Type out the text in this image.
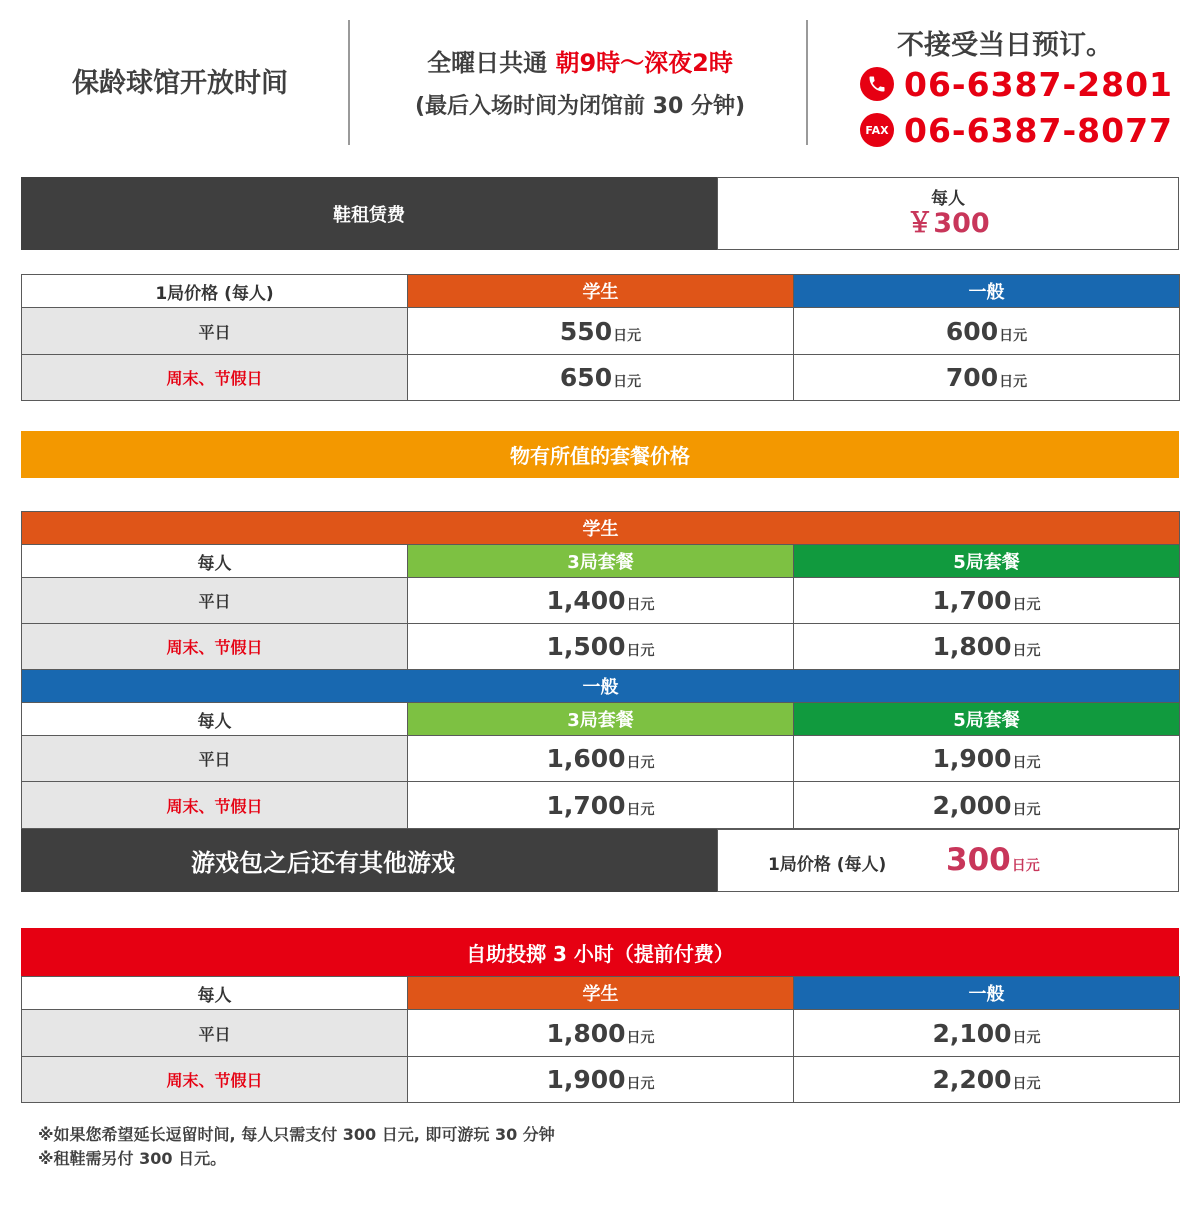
保龄球馆开放时间
全曜日共通
朝9時〜深夜2時
(最后入场时间为闭馆前 30 分钟)
不接受当日预订。
06-6387-2801
FAX 06-6387-8077
鞋租赁费
每人
￥300
1局价格 (每人)	学生	一般
平日	550日元	600日元
周末、节假日	650日元	700日元
物有所值的套餐价格
学生		
每人	3局套餐	5局套餐
平日	1,400日元	1,700日元
周末、节假日	1,500日元	1,800日元
一般		
每人	3局套餐	5局套餐
平日	1,600日元	1,900日元
周末、节假日	1,700日元	2,000日元
游戏包之后还有其他游戏	1局价格 (每人) 300日元
自助投掷 3 小时（提前付费）
每人	学生	一般
平日	1,800日元	2,100日元
周末、节假日	1,900日元	2,200日元
※如果您希望延长逗留时间, 每人只需支付 300 日元, 即可游玩 30 分钟
※租鞋需另付 300 日元。
